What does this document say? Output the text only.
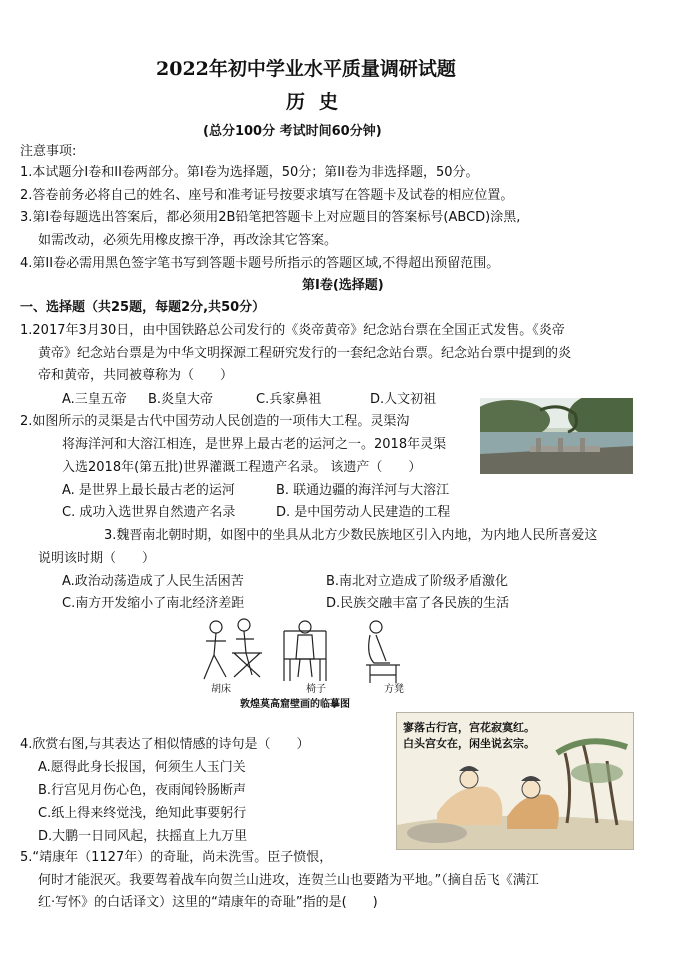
2022年初中学业水平质量调研试题
历史
(总分100分 考试时间60分钟)
注意事项:
1.本试题分Ⅰ卷和II卷两部分。第Ⅰ卷为选择题，50分；第II卷为非选择题，50分。
2.答卷前务必将自己的姓名、座号和准考证号按要求填写在答题卡及试卷的相应位置。
3.第Ⅰ卷每题选出答案后，都必须用2B铅笔把答题卡上对应题目的答案标号(ABCD)涂黑,
如需改动，必须先用橡皮擦干净，再改涂其它答案。
4.第II卷必需用黑色签字笔书写到答题卡题号所指示的答题区域,不得超出预留范围。
第Ⅰ卷(选择题)
一、选择题（共25题，每题2分,共50分）
1.2017年3月30日，由中国铁路总公司发行的《炎帝黄帝》纪念站台票在全国正式发售。《炎帝
黄帝》纪念站台票是为中华文明探源工程研究发行的一套纪念站台票。纪念站台票中提到的炎
帝和黄帝，共同被尊称为（　　）
A.三皇五帝 B.炎皇大帝	C.兵家鼻祖	D.人文初祖
2.如图所示的灵渠是古代中国劳动人民创造的一项伟大工程。灵渠沟
将海洋河和大溶江相连，是世界上最古老的运河之一。2018年灵渠
入选2018年(第五批)世界灌溉工程遗产名录。 该遗产（　　）
A. 是世界上最长最古老的运河	B. 联通边疆的海洋河与大溶江
C. 成功入选世界自然遗产名录	D. 是中国劳动人民建造的工程
3.魏晋南北朝时期，如图中的坐具从北方少数民族地区引入内地，为内地人民所喜爱这
说明该时期（　　）
A.政治动荡造成了人民生活困苦	B.南北对立造成了阶级矛盾激化
C.南方开发缩小了南北经济差距	D.民族交融丰富了各民族的生活
胡床	椅子	方凳
敦煌莫高窟壁画的临摹图
寥落古行宫，宫花寂寞红。
白头宫女在，闲坐说玄宗。
4.欣赏右图,与其表达了相似情感的诗句是（　　）
A.愿得此身长报国，何须生人玉门关
B.行宫见月伤心色，夜雨闻铃肠断声
C.纸上得来终觉浅，绝知此事要躬行
D.大鹏一日同风起，扶摇直上九万里
5.“靖康年（1127年）的奇耻，尚未洗雪。臣子愤恨，
何时才能泯灭。我要驾着战车向贺兰山进攻，连贺兰山也要踏为平地。”（摘自岳飞《满江
红·写怀》的白话译文）这里的“靖康年的奇耻”指的是(　　)
